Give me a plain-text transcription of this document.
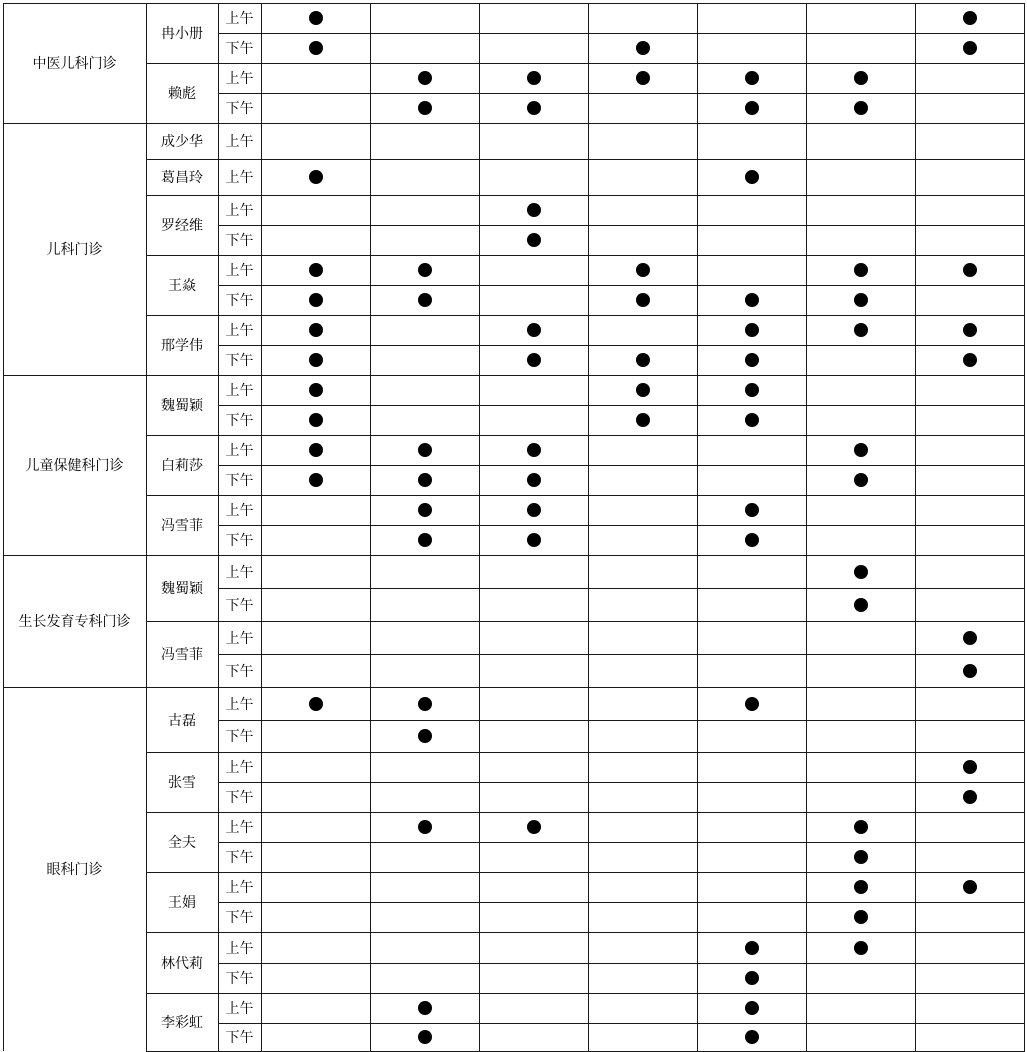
上午
下午
冉小册
上午
下午
赖彪
中医儿科门诊
上午
成少华
上午
葛昌玲
上午
下午
罗经维
上午
下午
王焱
上午
下午
邢学伟
儿科门诊
上午
下午
魏蜀颖
上午
下午
白莉莎
上午
下午
冯雪菲
儿童保健科门诊
上午
下午
魏蜀颖
上午
下午
冯雪菲
生长发育专科门诊
上午
下午
古磊
上午
下午
张雪
上午
下午
全夫
上午
下午
王娟
上午
下午
林代莉
上午
下午
李彩虹
眼科门诊
